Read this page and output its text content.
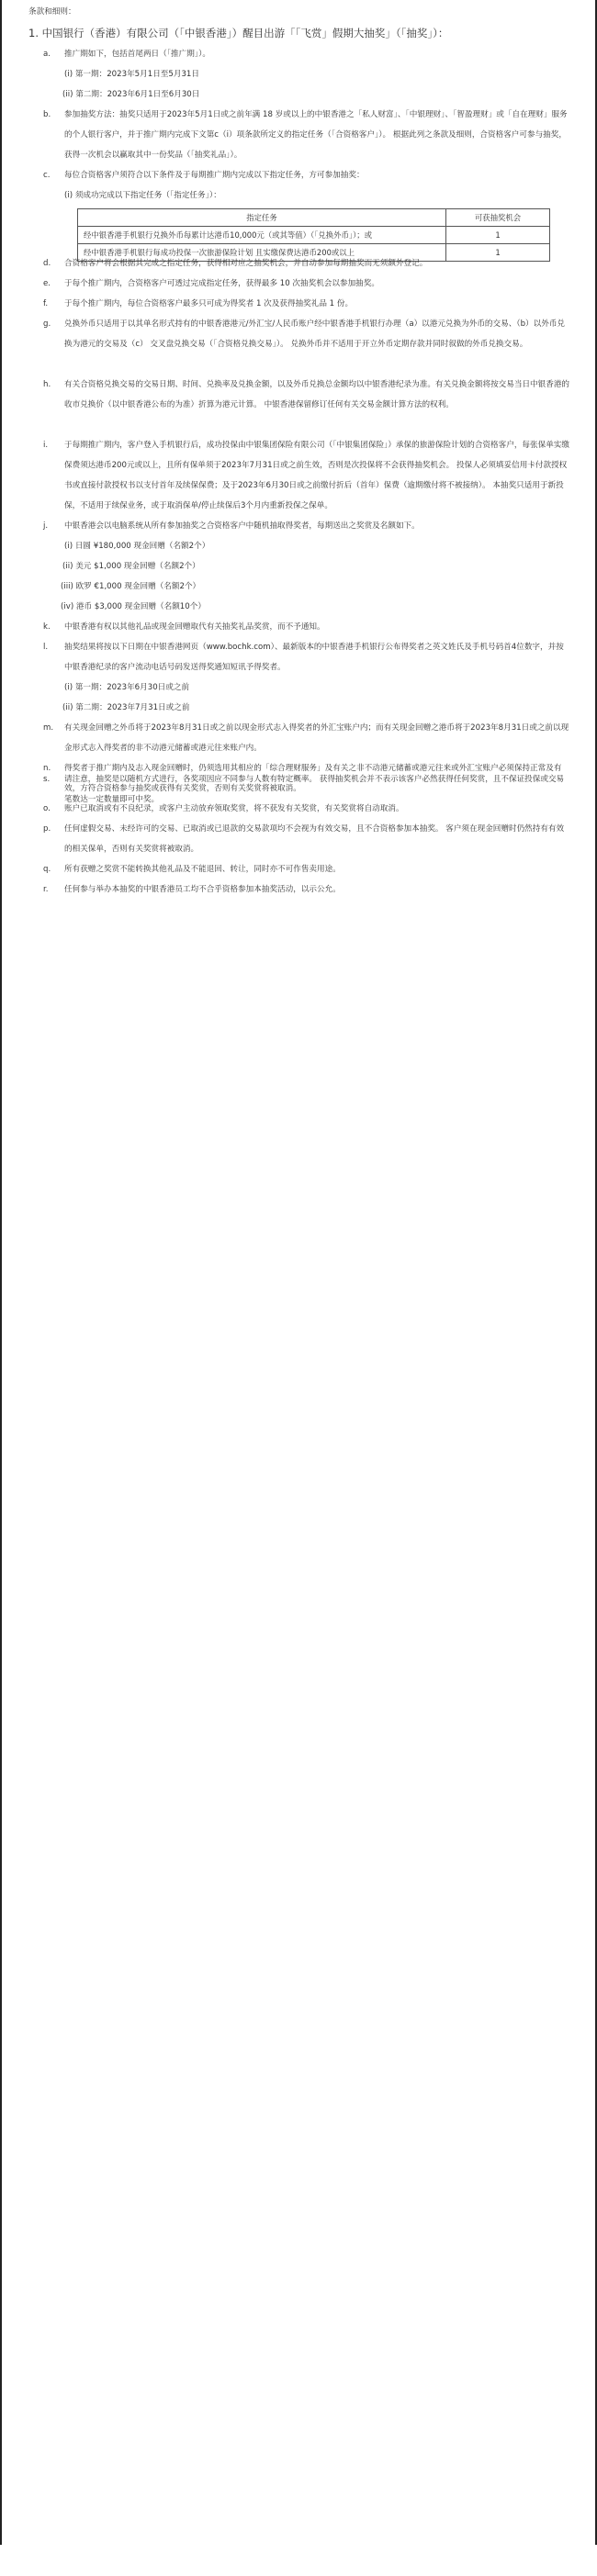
条款和细则：
1. 中国银行（香港）有限公司（「中银香港」）醒目出游「「飞赏」假期大抽奖」（「抽奖」）：
a.	推广期如下，包括首尾两日（「推广期」）。
(i) 第一期：2023年5月1日至5月31日
(ii) 第二期：2023年6月1日至6月30日
b.	参加抽奖方法：抽奖只适用于2023年5月1日或之前年满 18 岁或以上的中银香港之「私人财富」、「中银理财」、「智盈理财」或「自在理财」服务的个人银行客户，并于推广期内完成下文第c（i）项条款所定义的指定任务（「合资格客户」）。 根据此列之条款及细则，合资格客户可参与抽奖，获得一次机会以赢取其中一份奖品（「抽奖礼品」）。
c.	每位合资格客户须符合以下条件及于每期推广期内完成以下指定任务，方可参加抽奖：
(i) 须成功完成以下指定任务（「指定任务」）：
指定任务	可获抽奖机会
经中银香港手机银行兑换外币每累计达港币10,000元（或其等值）（「兑换外币」）；或	1
经中银香港手机银行每成功投保一次旅游保险计划 且实缴保费达港币200或以上	1
d.	合资格客户将会根据其完成之指定任务，获得相对应之抽奖机会，并自动参加每期抽奖而无须额外登记。
e.	于每个推广期内，合资格客户可透过完成指定任务，获得最多 10 次抽奖机会以参加抽奖。
f.	于每个推广期内，每位合资格客户最多只可成为得奖者 1 次及获得抽奖礼品 1 份。
g.	兑换外币只适用于以其单名形式持有的中银香港港元/外汇宝/人民币账户经中银香港手机银行办理（a）以港元兑换为外币的交易、（b）以外币兑换为港元的交易及（c） 交叉盘兑换交易（「合资格兑换交易」）。 兑换外币并不适用于开立外币定期存款并同时叙做的外币兑换交易。
h.	有关合资格兑换交易的交易日期、时间、兑换率及兑换金额，以及外币兑换总金额均以中银香港纪录为准。有关兑换金额将按交易当日中银香港的收市兑换价（以中银香港公布的为准）折算为港元计算。 中银香港保留修订任何有关交易金额计算方法的权利。
i.	于每期推广期内，客户登入手机银行后，成功投保由中银集团保险有限公司（「中银集团保险」）承保的旅游保险计划的合资格客户，每张保单实缴保费须达港币200元或以上，且所有保单须于2023年7月31日或之前生效，否则是次投保将不会获得抽奖机会。 投保人必须填妥信用卡付款授权书或直接付款授权书以支付首年及续保保费；及于2023年6月30日或之前缴付折后（首年）保费（逾期缴付将不被接纳）。 本抽奖只适用于新投保，不适用于续保业务，或于取消保单/停止续保后3个月内重新投保之保单。
j.	中银香港会以电脑系统从所有参加抽奖之合资格客户中随机抽取得奖者，每期送出之奖赏及名额如下。
(i) 日圆 ¥180,000 现金回赠（名额2个）
(ii) 美元 $1,000 现金回赠（名额2个）
(iii) 欧罗 €1,000 现金回赠（名额2个）
(iv) 港币 $3,000 现金回赠（名额10个）
k.	中银香港有权以其他礼品或现金回赠取代有关抽奖礼品奖赏，而不予通知。
l.	抽奖结果将按以下日期在中银香港网页（www.bochk.com）、最新版本的中银香港手机银行公布得奖者之英文姓氏及手机号码首4位数字，并按中银香港纪录的客户流动电话号码发送得奖通知短讯予得奖者。
(i) 第一期：2023年6月30日或之前
(ii) 第二期：2023年7月31日或之前
m.	有关现金回赠之外币将于2023年8月31日或之前以现金形式志入得奖者的外汇宝账户内；而有关现金回赠之港币将于2023年8月31日或之前以现金形式志入得奖者的非不动港元储蓄或港元往来账户内。
n.	得奖者于推广期内及志入现金回赠时，仍须选用其相应的「综合理财服务」及有关之非不动港元储蓄或港元往来或外汇宝账户必须保持正常及有效，方符合资格参与抽奖或获得有关奖赏，否则有关奖赏将被取消。
o.	账户已取消或有不良纪录，或客户主动放弃领取奖赏，将不获发有关奖赏，有关奖赏将自动取消。
p.	任何虚假交易、未经许可的交易、已取消或已退款的交易款项均不会视为有效交易，且不合资格参加本抽奖。 客户须在现金回赠时仍然持有有效的相关保单，否则有关奖赏将被取消。
q.	所有获赠之奖赏不能转换其他礼品及不能退回、转让，同时亦不可作售卖用途。
r.	任何参与举办本抽奖的中银香港员工均不合乎资格参加本抽奖活动，以示公允。
s.	请注意，抽奖是以随机方式进行，各奖项因应不同参与人数有特定概率。 获得抽奖机会并不表示该客户必然获得任何奖赏，且不保证投保或交易笔数达一定数量即可中奖。
